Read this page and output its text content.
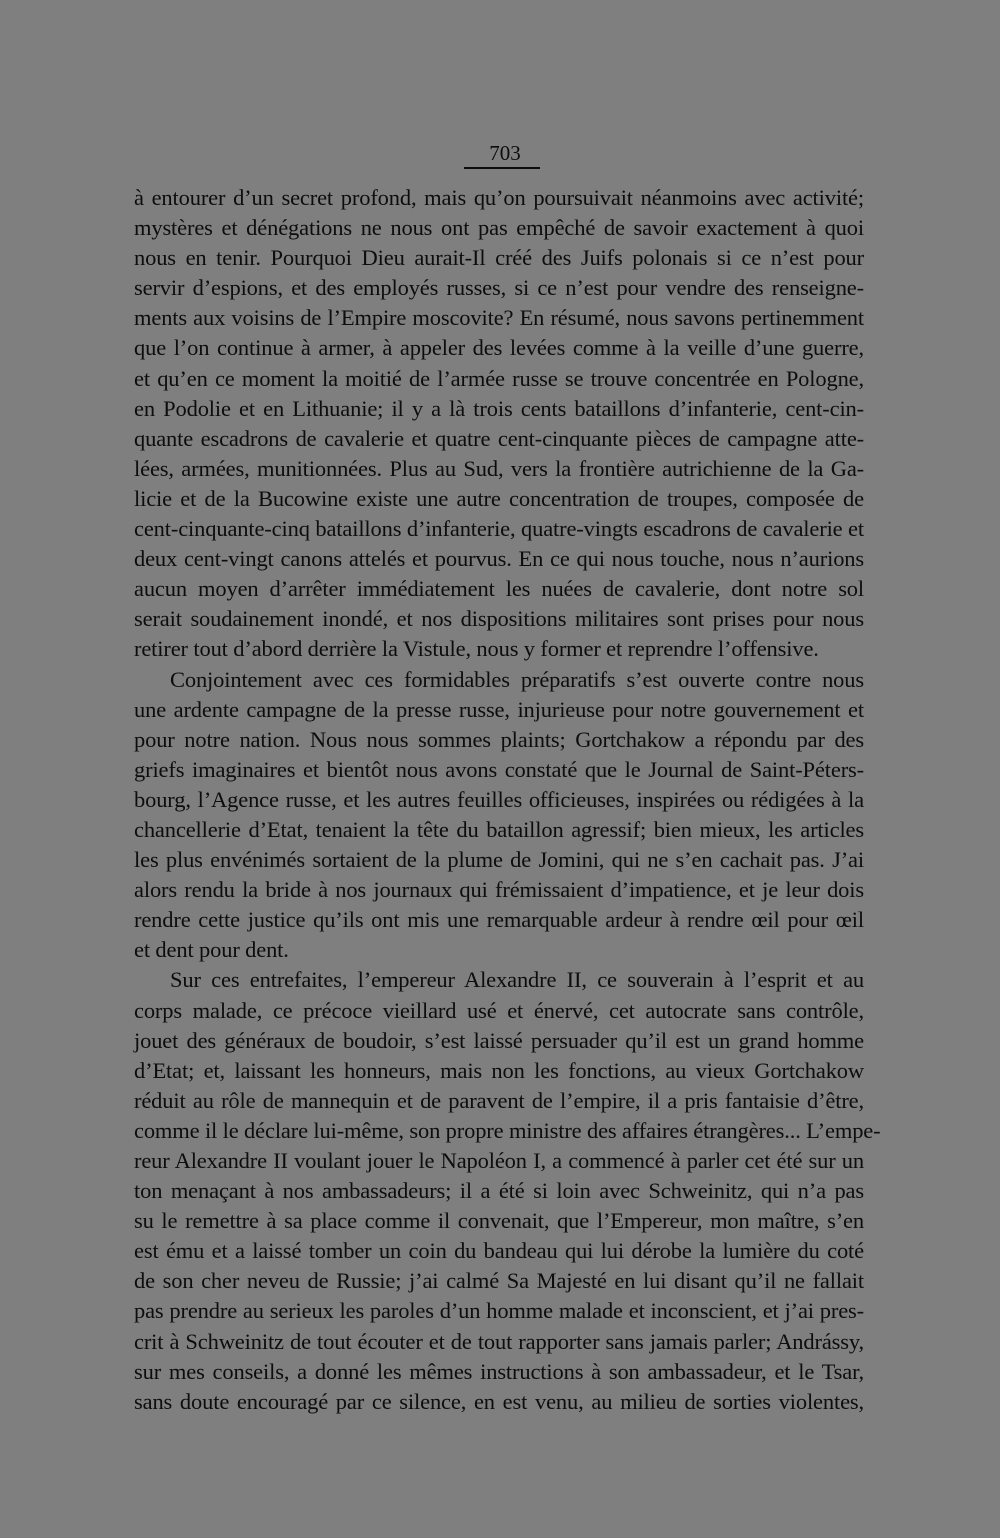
703
à entourer d’un secret profond, mais qu’on poursuivait néanmoins avec activité;
mystères et dénégations ne nous ont pas empêché de savoir exactement à quoi
nous en tenir. Pourquoi Dieu aurait-Il créé des Juifs polonais si ce n’est pour
servir d’espions, et des employés russes, si ce n’est pour vendre des renseigne-
ments aux voisins de l’Empire moscovite? En résumé, nous savons pertinemment
que l’on continue à armer, à appeler des levées comme à la veille d’une guerre,
et qu’en ce moment la moitié de l’armée russe se trouve concentrée en Pologne,
en Podolie et en Lithuanie; il y a là trois cents bataillons d’infanterie, cent-cin-
quante escadrons de cavalerie et quatre cent-cinquante pièces de campagne atte-
lées, armées, munitionnées. Plus au Sud, vers la frontière autrichienne de la Ga-
licie et de la Bucowine existe une autre concentration de troupes, composée de
cent-cinquante-cinq bataillons d’infanterie, quatre-vingts escadrons de cavalerie et
deux cent-vingt canons attelés et pourvus. En ce qui nous touche, nous n’aurions
aucun moyen d’arrêter immédiatement les nuées de cavalerie, dont notre sol
serait soudainement inondé, et nos dispositions militaires sont prises pour nous
retirer tout d’abord derrière la Vistule, nous y former et reprendre l’offensive.
Conjointement avec ces formidables préparatifs s’est ouverte contre nous
une ardente campagne de la presse russe, injurieuse pour notre gouvernement et
pour notre nation. Nous nous sommes plaints; Gortchakow a répondu par des
griefs imaginaires et bientôt nous avons constaté que le Journal de Saint-Péters-
bourg, l’Agence russe, et les autres feuilles officieuses, inspirées ou rédigées à la
chancellerie d’Etat, tenaient la tête du bataillon agressif; bien mieux, les articles
les plus envénimés sortaient de la plume de Jomini, qui ne s’en cachait pas. J’ai
alors rendu la bride à nos journaux qui frémissaient d’impatience, et je leur dois
rendre cette justice qu’ils ont mis une remarquable ardeur à rendre œil pour œil
et dent pour dent.
Sur ces entrefaites, l’empereur Alexandre II, ce souverain à l’esprit et au
corps malade, ce précoce vieillard usé et énervé, cet autocrate sans contrôle,
jouet des généraux de boudoir, s’est laissé persuader qu’il est un grand homme
d’Etat; et, laissant les honneurs, mais non les fonctions, au vieux Gortchakow
réduit au rôle de mannequin et de paravent de l’empire, il a pris fantaisie d’être,
comme il le déclare lui-même, son propre ministre des affaires étrangères... L’empe-
reur Alexandre II voulant jouer le Napoléon I, a commencé à parler cet été sur un
ton menaçant à nos ambassadeurs; il a été si loin avec Schweinitz, qui n’a pas
su le remettre à sa place comme il convenait, que l’Empereur, mon maître, s’en
est ému et a laissé tomber un coin du bandeau qui lui dérobe la lumière du coté
de son cher neveu de Russie; j’ai calmé Sa Majesté en lui disant qu’il ne fallait
pas prendre au serieux les paroles d’un homme malade et inconscient, et j’ai pres-
crit à Schweinitz de tout écouter et de tout rapporter sans jamais parler; Andrássy,
sur mes conseils, a donné les mêmes instructions à son ambassadeur, et le Tsar,
sans doute encouragé par ce silence, en est venu, au milieu de sorties violentes,
